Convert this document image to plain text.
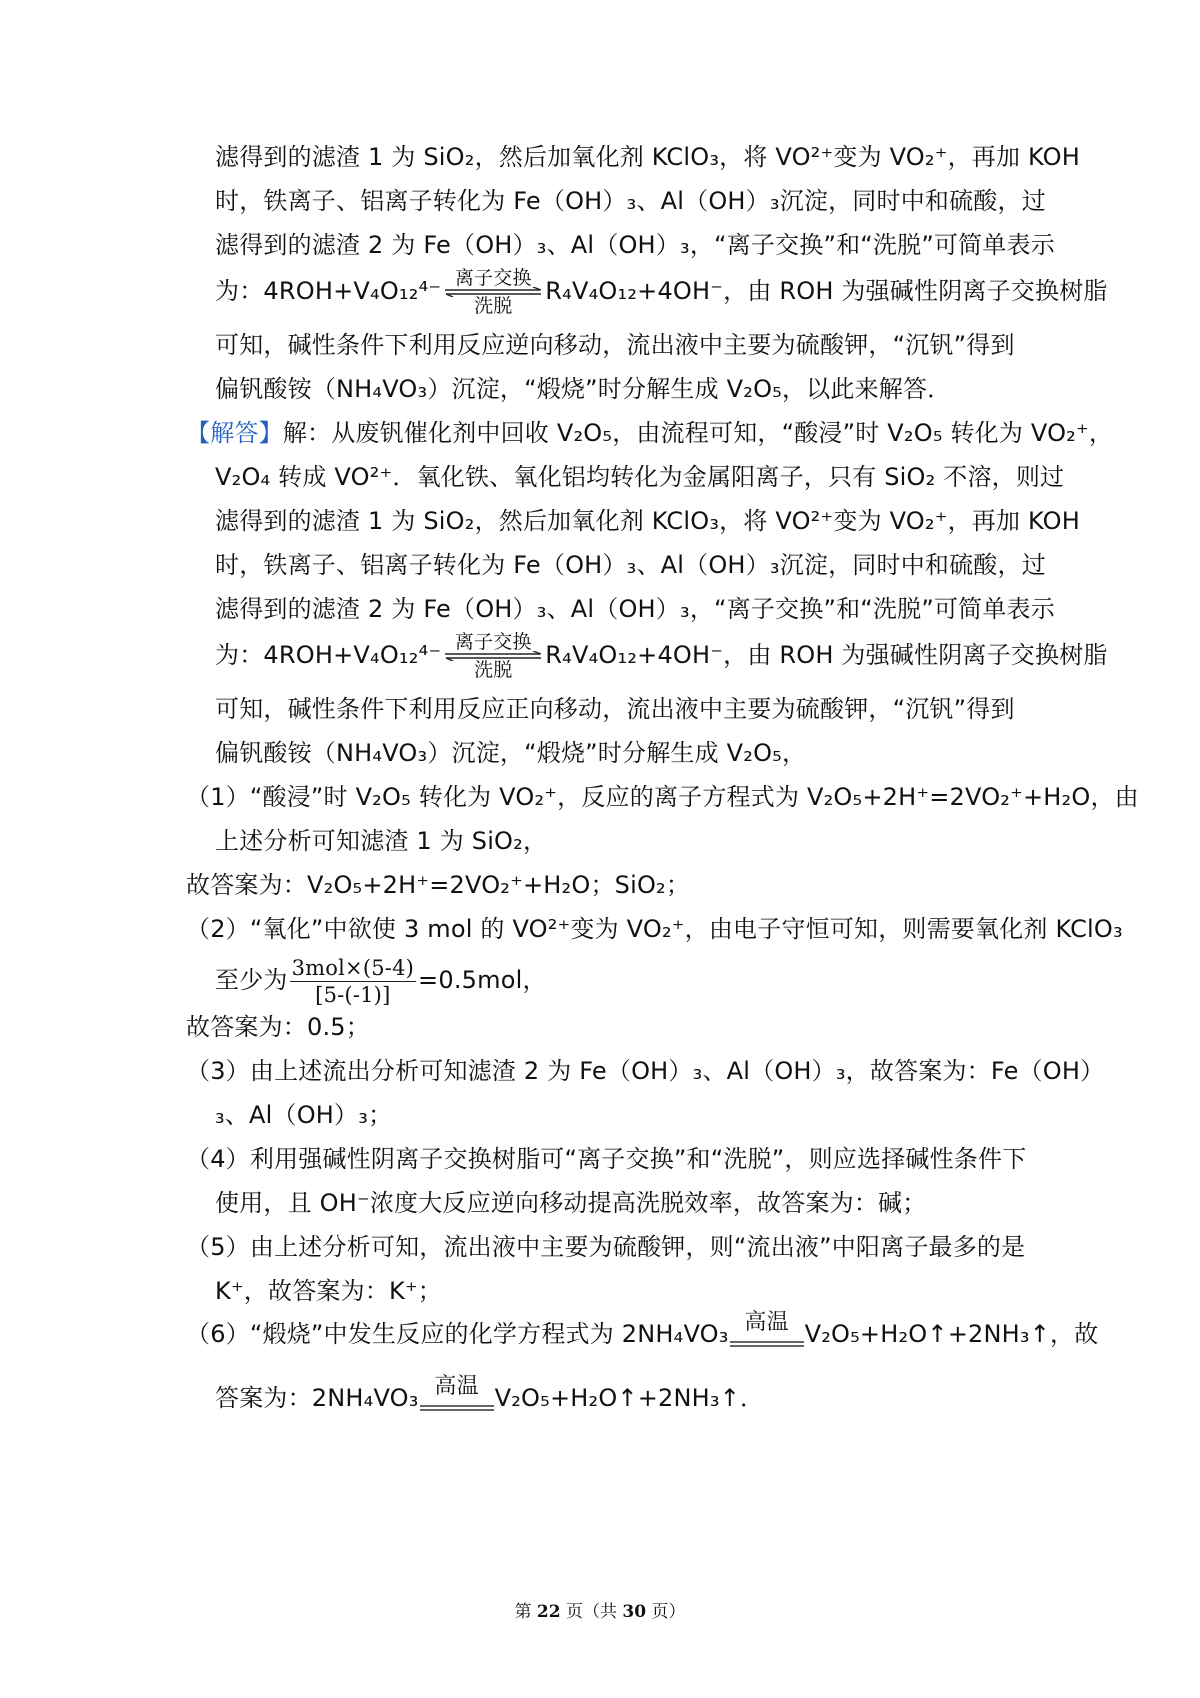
滤得到的滤渣 1 为 SiO₂，然后加氧化剂 KClO₃，将 VO²⁺变为 VO₂⁺，再加 KOH
时，铁离子、铝离子转化为 Fe（OH）₃、Al（OH）₃沉淀，同时中和硫酸，过
滤得到的滤渣 2 为 Fe（OH）₃、Al（OH）₃，“离子交换”和“洗脱”可简单表示
为：4ROH+V₄O₁₂⁴⁻ 离子交换
洗脱
R₄V₄O₁₂+4OH⁻，由 ROH 为强碱性阴离子交换树脂
可知，碱性条件下利用反应逆向移动，流出液中主要为硫酸钾，“沉钒”得到
偏钒酸铵（NH₄VO₃）沉淀，“煅烧”时分解生成 V₂O₅，以此来解答．
【解答】解：从废钒催化剂中回收 V₂O₅，由流程可知，“酸浸”时 V₂O₅ 转化为 VO₂⁺，
V₂O₄ 转成 VO²⁺．氧化铁、氧化铝均转化为金属阳离子，只有 SiO₂ 不溶，则过
滤得到的滤渣 1 为 SiO₂，然后加氧化剂 KClO₃，将 VO²⁺变为 VO₂⁺，再加 KOH
时，铁离子、铝离子转化为 Fe（OH）₃、Al（OH）₃沉淀，同时中和硫酸，过
滤得到的滤渣 2 为 Fe（OH）₃、Al（OH）₃，“离子交换”和“洗脱”可简单表示
为：4ROH+V₄O₁₂⁴⁻ 离子交换
洗脱
R₄V₄O₁₂+4OH⁻，由 ROH 为强碱性阴离子交换树脂
可知，碱性条件下利用反应正向移动，流出液中主要为硫酸钾，“沉钒”得到
偏钒酸铵（NH₄VO₃）沉淀，“煅烧”时分解生成 V₂O₅，
（1）“酸浸”时 V₂O₅ 转化为 VO₂⁺，反应的离子方程式为 V₂O₅+2H⁺=2VO₂⁺+H₂O，由
上述分析可知滤渣 1 为 SiO₂，
故答案为：V₂O₅+2H⁺=2VO₂⁺+H₂O；SiO₂；
（2）“氧化”中欲使 3 mol 的 VO²⁺变为 VO₂⁺，由电子守恒可知，则需要氧化剂 KClO₃
至少为 $\frac{\text{3mol×(5-4)}}{[5-(-1)]} =0.5mol$，
故答案为：0.5；
（3）由上述流出分析可知滤渣 2 为 Fe（OH）₃、Al（OH）₃，故答案为：Fe（OH）
₃、Al（OH）₃；
（4）利用强碱性阴离子交换树脂可“离子交换”和“洗脱”，则应选择碱性条件下
使用，且 OH⁻浓度大反应逆向移动提高洗脱效率，故答案为：碱；
（5）由上述分析可知，流出液中主要为硫酸钾，则“流出液”中阳离子最多的是
K⁺，故答案为：K⁺；
（6）“煅烧”中发生反应的化学方程式为 2NH₄VO₃ 高温 V₂O₅+H₂O↑+2NH₃↑，故
答案为：2NH₄VO₃ 高温 V₂O₅+H₂O↑+2NH₃↑．
第 22 页（共 30 页）
